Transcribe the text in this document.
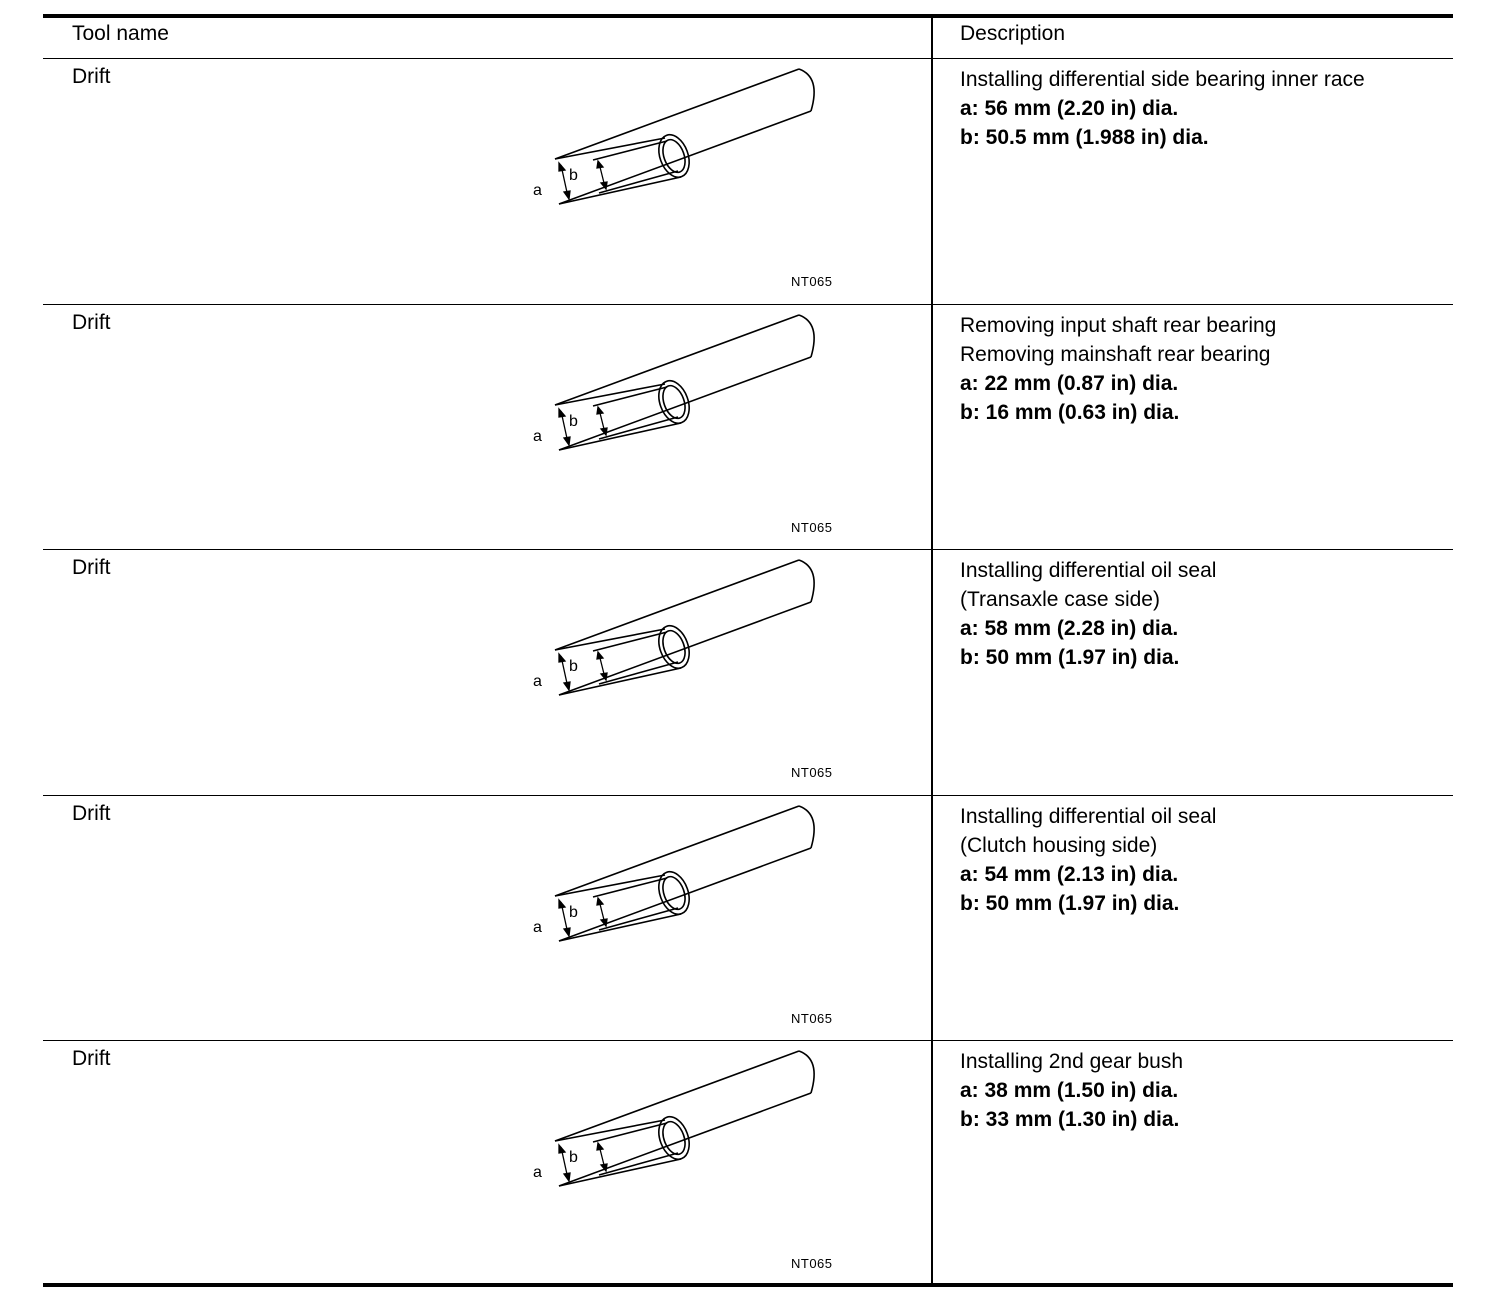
Tool name	Description
Drift
a
b
NT065
Installing differential side bearing inner race
a: 56 mm (2.20 in) dia.
b: 50.5 mm (1.988 in) dia.
Drift
a
b
NT065
Removing input shaft rear bearing
Removing mainshaft rear bearing
a: 22 mm (0.87 in) dia.
b: 16 mm (0.63 in) dia.
Drift
a
b
NT065
Installing differential oil seal
(Transaxle case side)
a: 58 mm (2.28 in) dia.
b: 50 mm (1.97 in) dia.
Drift
a
b
NT065
Installing differential oil seal
(Clutch housing side)
a: 54 mm (2.13 in) dia.
b: 50 mm (1.97 in) dia.
Drift
a
b
NT065
Installing 2nd gear bush
a: 38 mm (1.50 in) dia.
b: 33 mm (1.30 in) dia.
